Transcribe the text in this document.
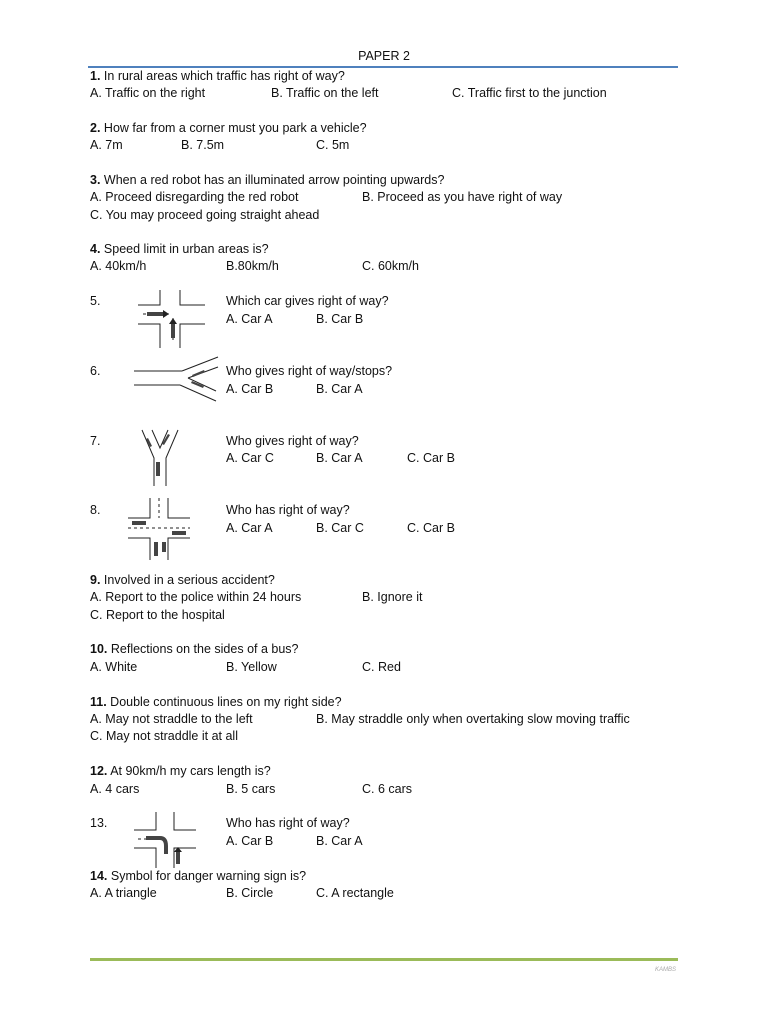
PAPER 2
1. In rural areas which traffic has right of way?
A. Traffic on the right	B. Traffic on the left	C. Traffic first to the junction
2. How far from a corner must you park a vehicle?
A. 7m	B. 7.5m	C. 5m
3. When a red robot has an illuminated arrow pointing upwards?
A. Proceed disregarding the red robot	B. Proceed as you have right of way
C. You may proceed going straight ahead
4. Speed limit in urban areas is?
A. 40km/h	B.80km/h	C. 60km/h
5.	Which car gives right of way?
A. Car A	B. Car B
6.	Who gives right of way/stops?
A. Car B	B. Car A
7.	Who gives right of way?
A. Car C	B. Car A	C. Car B
8.	Who has right of way?
A. Car A	B. Car C	C. Car B
9. Involved in a serious accident?
A. Report to the police within 24 hours	B. Ignore it
C. Report to the hospital
10. Reflections on the sides of a bus?
A. White	B. Yellow	C. Red
11. Double continuous lines on my right side?
A. May not straddle to the left	B. May straddle only when overtaking slow moving traffic
C. May not straddle it at all
12. At 90km/h my cars length is?
A. 4 cars	B. 5 cars	C. 6 cars
13.	Who has right of way?
A. Car B	B. Car A
14. Symbol for danger warning sign is?
A. A triangle	B. Circle	C. A rectangle
KAMBS
